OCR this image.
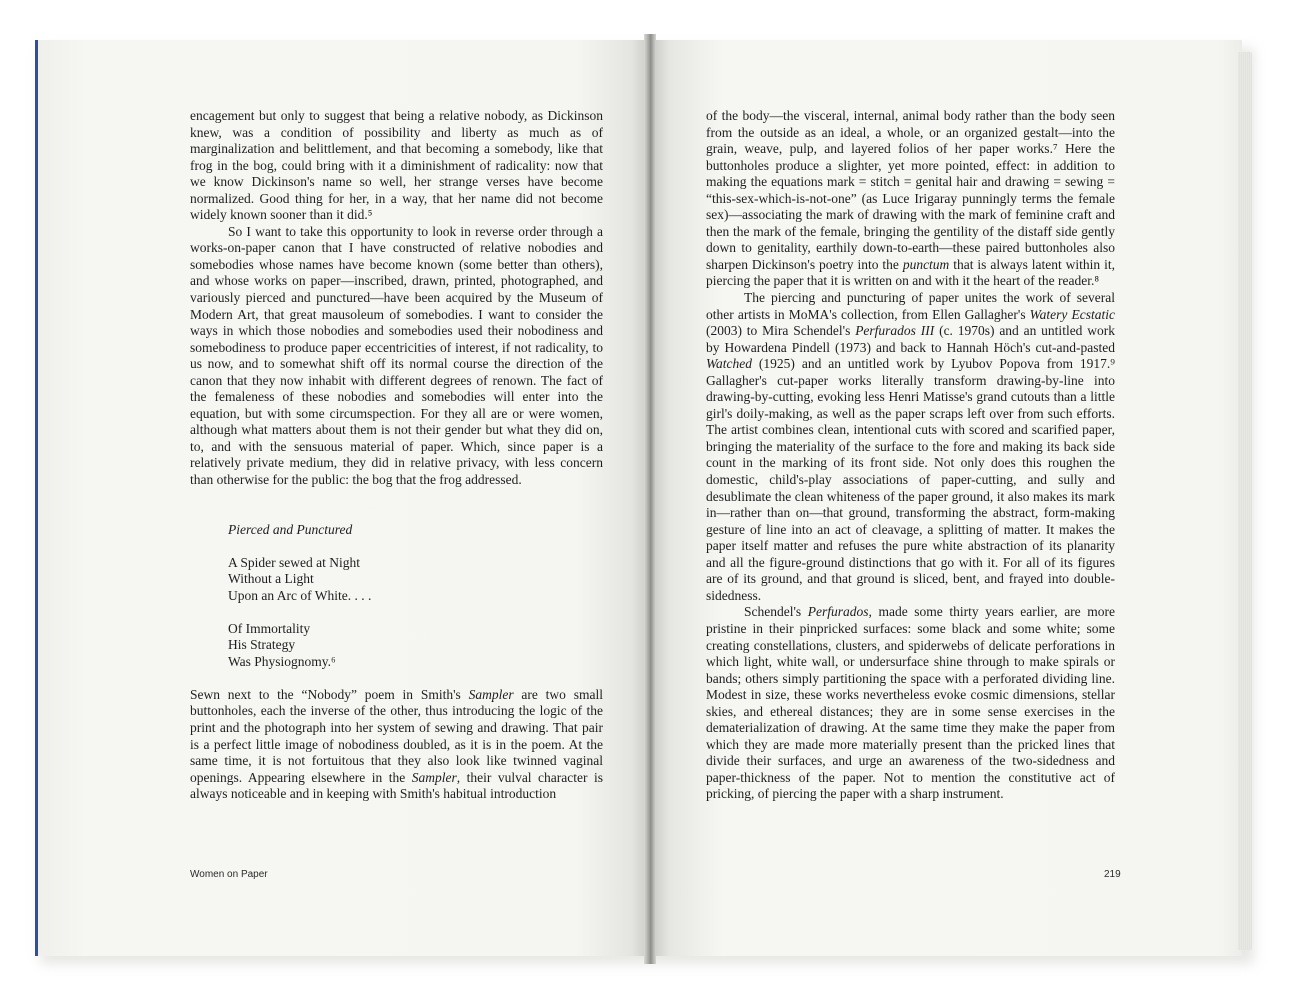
encagement but only to suggest that being a relative nobody, as Dickinson knew, was a condition of possibility and liberty as much as of marginalization and belittlement, and that becoming a somebody, like that frog in the bog, could bring with it a diminishment of radicality: now that we know Dickinson's name so well, her strange verses have become normalized. Good thing for her, in a way, that her name did not become widely known sooner than it did.⁵

So I want to take this opportunity to look in reverse order through a works-on-paper canon that I have constructed of relative nobodies and somebodies whose names have become known (some better than others), and whose works on paper—inscribed, drawn, printed, photographed, and variously pierced and punctured—have been acquired by the Museum of Modern Art, that great mausoleum of somebodies. I want to consider the ways in which those nobodies and somebodies used their nobodiness and somebodiness to produce paper eccentricities of interest, if not radicality, to us now, and to somewhat shift off its normal course the direction of the canon that they now inhabit with different degrees of renown. The fact of the femaleness of these nobodies and somebodies will enter into the equation, but with some circumspection. For they all are or were women, although what matters about them is not their gender but what they did on, to, and with the sensuous material of paper. Which, since paper is a relatively private medium, they did in relative privacy, with less concern than otherwise for the public: the bog that the frog addressed.

Pierced and Punctured

A Spider sewed at Night
Without a Light
Upon an Arc of White. . . .

Of Immortality
His Strategy
Was Physiognomy.⁶

Sewn next to the “Nobody” poem in Smith's Sampler are two small buttonholes, each the inverse of the other, thus introducing the logic of the print and the photograph into her system of sewing and drawing. That pair is a perfect little image of nobodiness doubled, as it is in the poem. At the same time, it is not fortuitous that they also look like twinned vaginal openings. Appearing elsewhere in the Sampler, their vulval character is always noticeable and in keeping with Smith's habitual introduction

of the body—the visceral, internal, animal body rather than the body seen from the outside as an ideal, a whole, or an organized gestalt—into the grain, weave, pulp, and layered folios of her paper works.⁷ Here the buttonholes produce a slighter, yet more pointed, effect: in addition to making the equations mark = stitch = genital hair and drawing = sewing = “this-sex-which-is-not-one” (as Luce Irigaray punningly terms the female sex)—associating the mark of drawing with the mark of feminine craft and then the mark of the female, bringing the gentility of the distaff side gently down to genitality, earthily down-to-earth—these paired buttonholes also sharpen Dickinson's poetry into the punctum that is always latent within it, piercing the paper that it is written on and with it the heart of the reader.⁸

The piercing and puncturing of paper unites the work of several other artists in MoMA's collection, from Ellen Gallagher's Watery Ecstatic (2003) to Mira Schendel's Perfurados III (c. 1970s) and an untitled work by Howardena Pindell (1973) and back to Hannah Höch's cut-and-pasted Watched (1925) and an untitled work by Lyubov Popova from 1917.⁹ Gallagher's cut-paper works literally transform drawing-by-line into drawing-by-cutting, evoking less Henri Matisse's grand cutouts than a little girl's doily-making, as well as the paper scraps left over from such efforts. The artist combines clean, intentional cuts with scored and scarified paper, bringing the materiality of the surface to the fore and making its back side count in the marking of its front side. Not only does this roughen the domestic, child's-play associations of paper-cutting, and sully and desublimate the clean whiteness of the paper ground, it also makes its mark in—rather than on—that ground, transforming the abstract, form-making gesture of line into an act of cleavage, a splitting of matter. It makes the paper itself matter and refuses the pure white abstraction of its planarity and all the figure-ground distinctions that go with it. For all of its figures are of its ground, and that ground is sliced, bent, and frayed into double-sidedness.

Schendel's Perfurados, made some thirty years earlier, are more pristine in their pinpricked surfaces: some black and some white; some creating constellations, clusters, and spiderwebs of delicate perforations in which light, white wall, or undersurface shine through to make spirals or bands; others simply partitioning the space with a perforated dividing line. Modest in size, these works nevertheless evoke cosmic dimensions, stellar skies, and ethereal distances; they are in some sense exercises in the dematerialization of drawing. At the same time they make the paper from which they are made more materially present than the pricked lines that divide their surfaces, and urge an awareness of the two-sidedness and paper-thickness of the paper. Not to mention the constitutive act of pricking, of piercing the paper with a sharp instrument.

Women on Paper	219
